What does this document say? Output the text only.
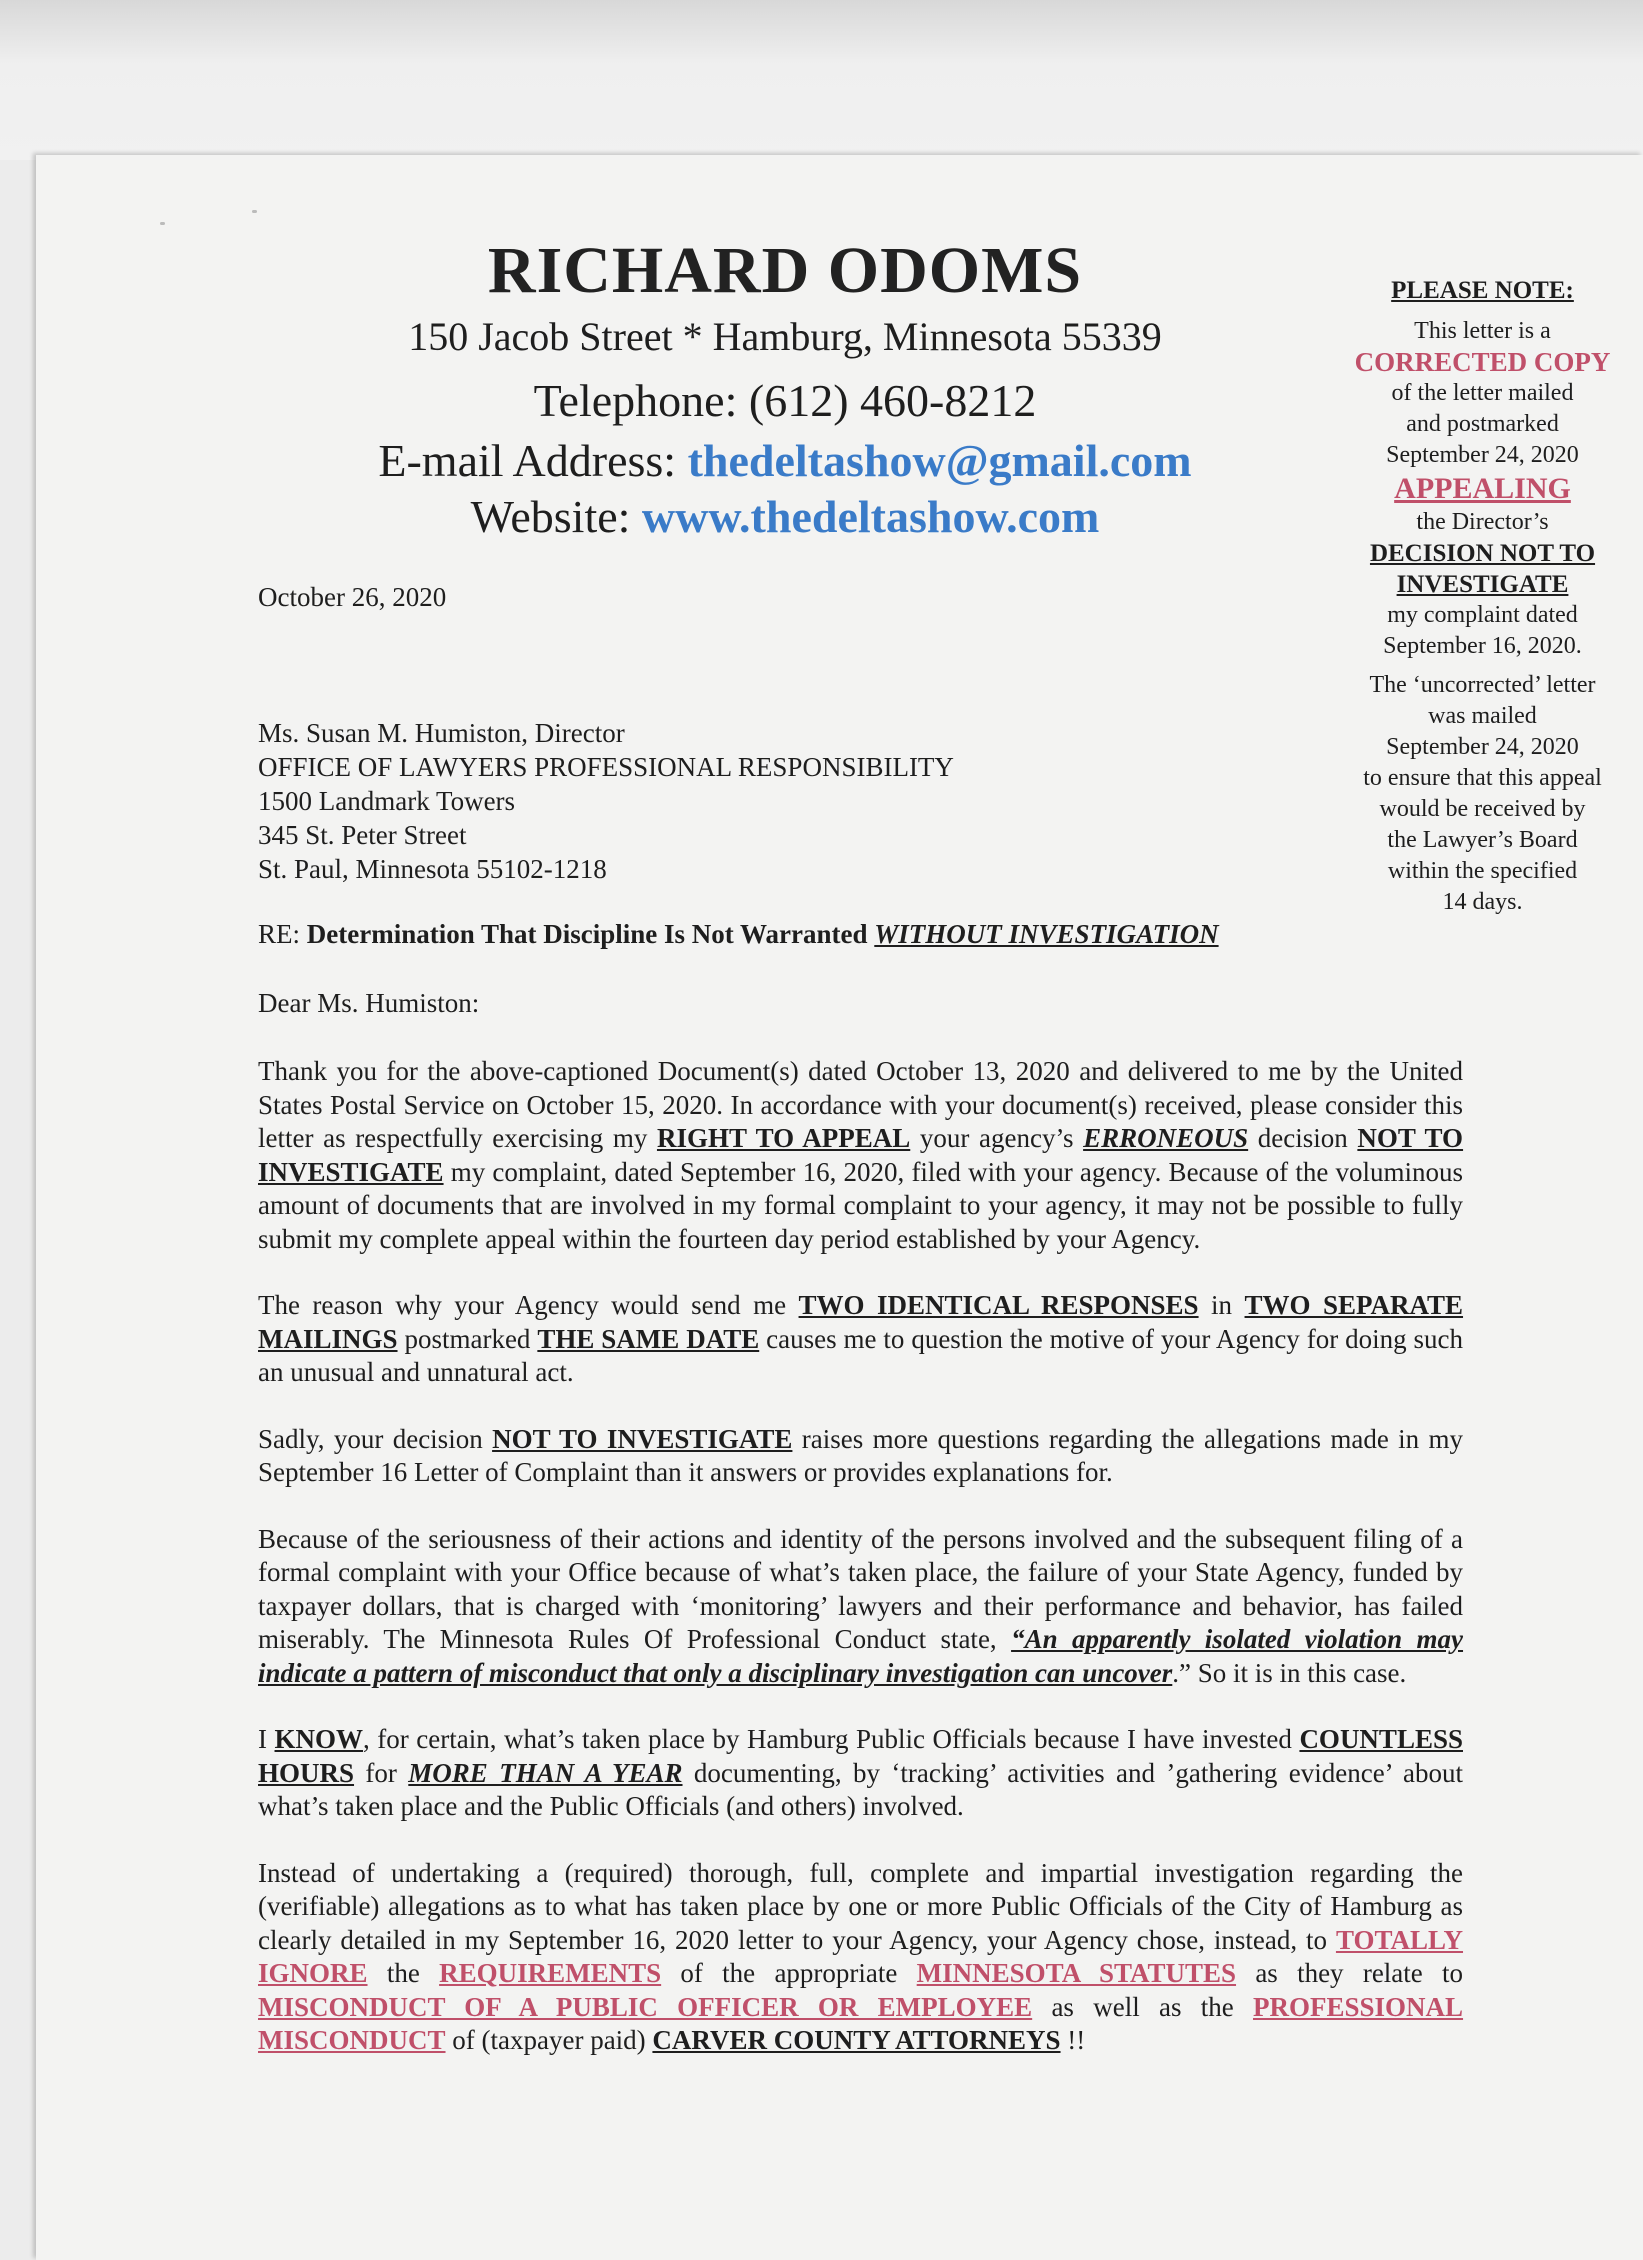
RICHARD ODOMS
150 Jacob Street * Hamburg, Minnesota 55339
Telephone: (612) 460-8212
E-mail Address: thedeltashow@gmail.com
Website: www.thedeltashow.com
PLEASE NOTE:
This letter is a
CORRECTED COPY
of the letter mailed
and postmarked
September 24, 2020
APPEALING
the Director’s
DECISION NOT TO
INVESTIGATE
my complaint dated
September 16, 2020.
The ‘uncorrected’ letter
was mailed
September 24, 2020
to ensure that this appeal
would be received by
the Lawyer’s Board
within the specified
14 days.
October 26, 2020
Ms. Susan M. Humiston, Director
OFFICE OF LAWYERS PROFESSIONAL RESPONSIBILITY
1500 Landmark Towers
345 St. Peter Street
St. Paul, Minnesota 55102-1218
RE: Determination That Discipline Is Not Warranted WITHOUT INVESTIGATION
Dear Ms. Humiston:

Thank you for the above-captioned Document(s) dated October 13, 2020 and delivered to me by the United States Postal Service on October 15, 2020. In accordance with your document(s) received, please consider this letter as respectfully exercising my RIGHT TO APPEAL your agency’s ERRONEOUS decision NOT TO INVESTIGATE my complaint, dated September 16, 2020, filed with your agency. Because of the voluminous amount of documents that are involved in my formal complaint to your agency, it may not be possible to fully submit my complete appeal within the fourteen day period established by your Agency.

The reason why your Agency would send me TWO IDENTICAL RESPONSES in TWO SEPARATE MAILINGS postmarked THE SAME DATE causes me to question the motive of your Agency for doing such an unusual and unnatural act.

Sadly, your decision NOT TO INVESTIGATE raises more questions regarding the allegations made in my September 16 Letter of Complaint than it answers or provides explanations for.

Because of the seriousness of their actions and identity of the persons involved and the subsequent filing of a formal complaint with your Office because of what’s taken place, the failure of your State Agency, funded by taxpayer dollars, that is charged with ‘monitoring’ lawyers and their performance and behavior, has failed miserably. The Minnesota Rules Of Professional Conduct state, “An apparently isolated violation may indicate a pattern of misconduct that only a disciplinary investigation can uncover.” So it is in this case.

I KNOW, for certain, what’s taken place by Hamburg Public Officials because I have invested COUNTLESS HOURS for MORE THAN A YEAR documenting, by ‘tracking’ activities and ’gathering evidence’ about what’s taken place and the Public Officials (and others) involved.

Instead of undertaking a (required) thorough, full, complete and impartial investigation regarding the (verifiable) allegations as to what has taken place by one or more Public Officials of the City of Hamburg as clearly detailed in my September 16, 2020 letter to your Agency, your Agency chose, instead, to TOTALLY IGNORE the REQUIREMENTS of the appropriate MINNESOTA STATUTES as they relate to MISCONDUCT OF A PUBLIC OFFICER OR EMPLOYEE as well as the PROFESSIONAL MISCONDUCT of (taxpayer paid) CARVER COUNTY ATTORNEYS !!
